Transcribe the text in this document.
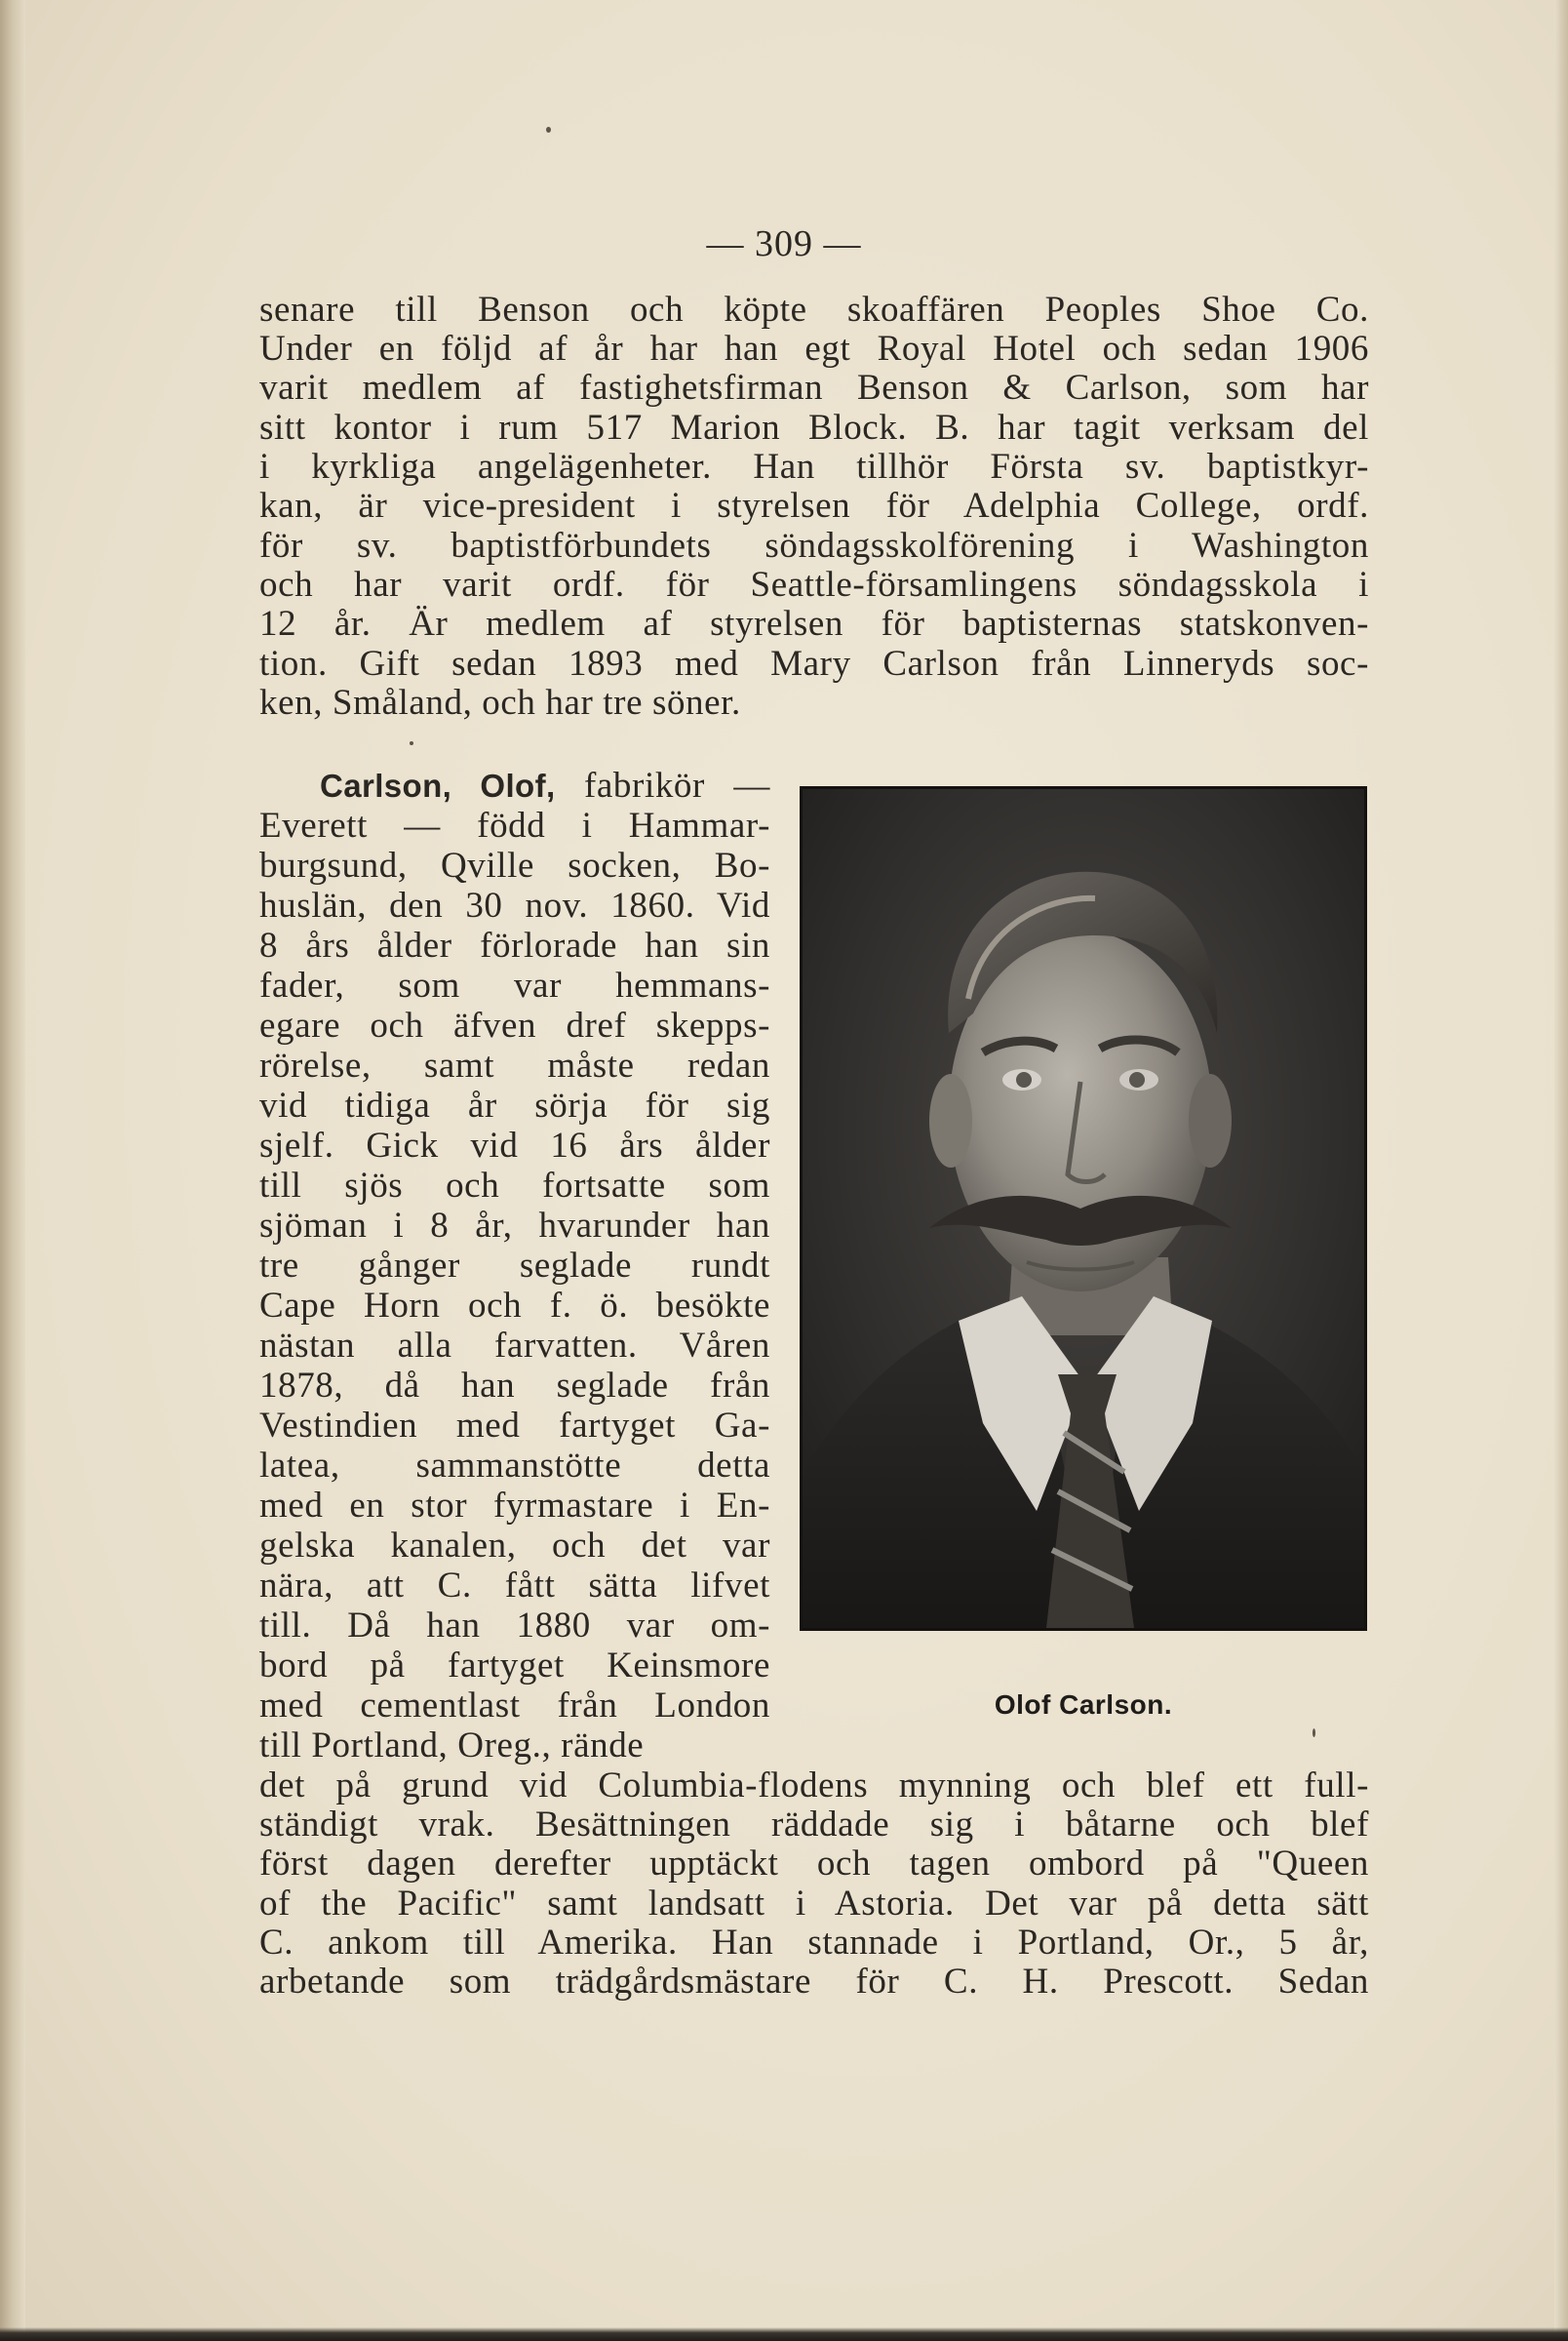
— 309 —
senare till Benson och köpte skoaffären Peoples Shoe Co.
Under en följd af år har han egt Royal Hotel och sedan 1906
varit medlem af fastighetsfirman Benson & Carlson, som har
sitt kontor i rum 517 Marion Block. B. har tagit verksam del
i kyrkliga angelägenheter. Han tillhör Första sv. baptistkyr-
kan, är vice-president i styrelsen för Adelphia College, ordf.
för sv. baptistförbundets söndagsskolförening i Washington
och har varit ordf. för Seattle-församlingens söndagsskola i
12 år. Är medlem af styrelsen för baptisternas statskonven-
tion. Gift sedan 1893 med Mary Carlson från Linneryds soc-
ken, Småland, och har tre söner.
Carlson, Olof, fabrikör —
Everett — född i Hammar-
burgsund, Qville socken, Bo-
huslän, den 30 nov. 1860. Vid
8 års ålder förlorade han sin
fader, som var hemmans-
egare och äfven dref skepps-
rörelse, samt måste redan
vid tidiga år sörja för sig
sjelf. Gick vid 16 års ålder
till sjös och fortsatte som
sjöman i 8 år, hvarunder han
tre gånger seglade rundt
Cape Horn och f. ö. besökte
nästan alla farvatten. Våren
1878, då han seglade från
Vestindien med fartyget Ga-
latea, sammanstötte detta
med en stor fyrmastare i En-
gelska kanalen, och det var
nära, att C. fått sätta lifvet
till. Då han 1880 var om-
bord på fartyget Keinsmore
med cementlast från London
till Portland, Oreg., rände
det på grund vid Columbia-flodens mynning och blef ett full-
ständigt vrak. Besättningen räddade sig i båtarne och blef
först dagen derefter upptäckt och tagen ombord på "Queen
of the Pacific" samt landsatt i Astoria. Det var på detta sätt
C. ankom till Amerika. Han stannade i Portland, Or., 5 år,
arbetande som trädgårdsmästare för C. H. Prescott. Sedan
Olof Carlson.
